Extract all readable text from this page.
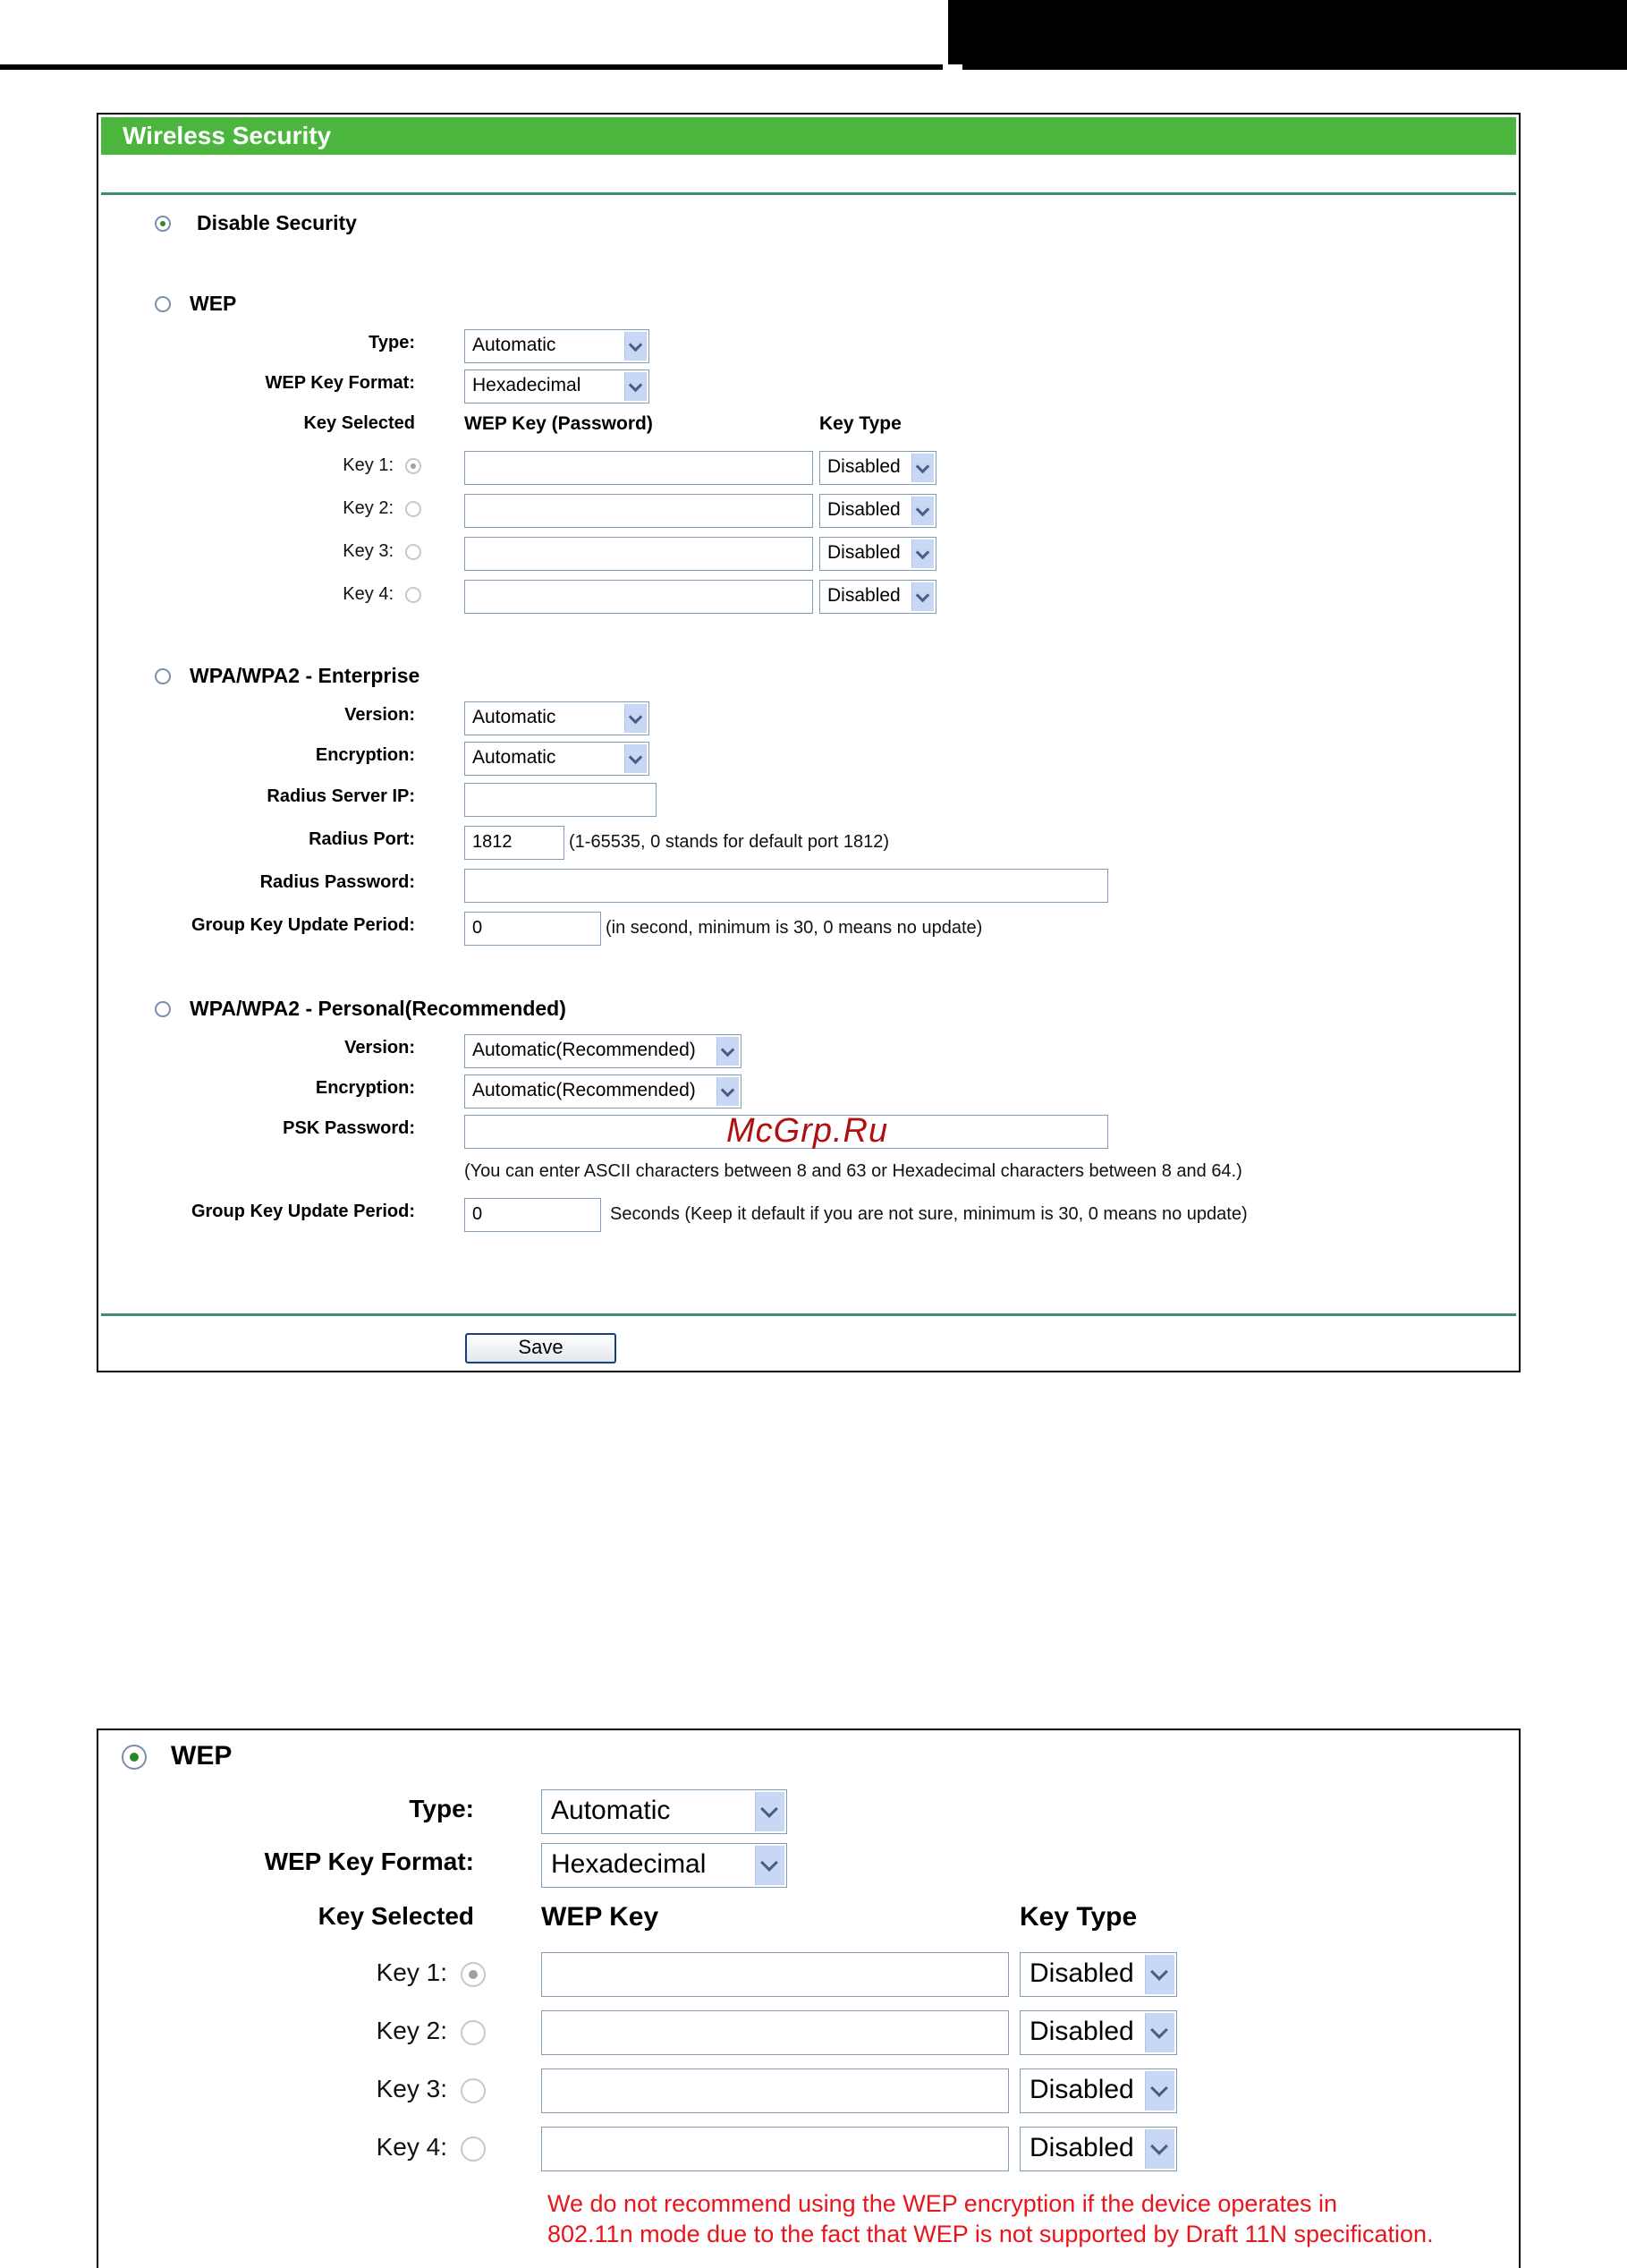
Wireless Security
Disable Security
WEP
Type:	Automatic
WEP Key Format:	Hexadecimal
Key Selected	WEP Key (Password)	Key Type
Key 1:	Disabled
Key 2:	Disabled
Key 3:	Disabled
Key 4:	Disabled
WPA/WPA2 - Enterprise
Version:	Automatic
Encryption:	Automatic
Radius Server IP:
Radius Port:	1812	(1-65535, 0 stands for default port 1812)
Radius Password:
Group Key Update Period:	0	(in second, minimum is 30, 0 means no update)
WPA/WPA2 - Personal(Recommended)
Version:	Automatic(Recommended)
Encryption:	Automatic(Recommended)
PSK Password:
(You can enter ASCII characters between 8 and 63 or Hexadecimal characters between 8 and 64.)
Group Key Update Period:	0	Seconds (Keep it default if you are not sure, minimum is 30, 0 means no update)
Save
McGrp.Ru
WEP
Type:	Automatic
WEP Key Format:	Hexadecimal
Key Selected	WEP Key	Key Type
Key 1:	Disabled
Key 2:	Disabled
Key 3:	Disabled
Key 4:	Disabled
We do not recommend using the WEP encryption if the device operates in
802.11n mode due to the fact that WEP is not supported by Draft 11N specification.
